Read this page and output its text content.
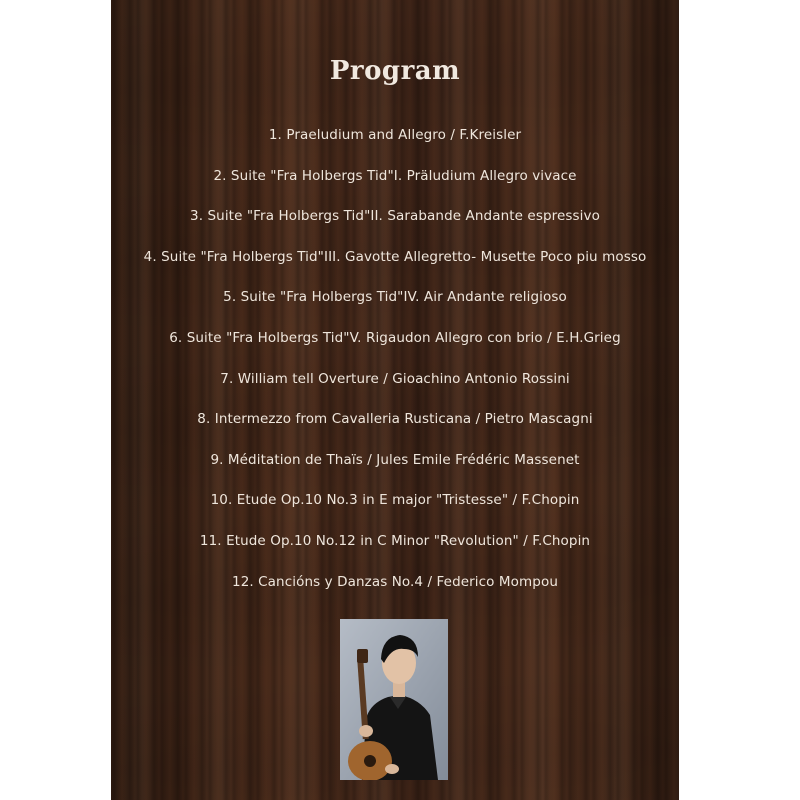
Program
1. Praeludium and Allegro / F.Kreisler
2. Suite "Fra Holbergs Tid"I. Präludium Allegro vivace
3. Suite "Fra Holbergs Tid"II. Sarabande Andante espressivo
4. Suite "Fra Holbergs Tid"III. Gavotte Allegretto- Musette Poco piu mosso
5. Suite "Fra Holbergs Tid"IV. Air Andante religioso
6. Suite "Fra Holbergs Tid"V. Rigaudon Allegro con brio / E.H.Grieg
7. William tell Overture / Gioachino Antonio Rossini
8. Intermezzo from Cavalleria Rusticana / Pietro Mascagni
9. Méditation de Thaïs / Jules Emile Frédéric Massenet
10. Etude Op.10 No.3 in E major "Tristesse" / F.Chopin
11. Etude Op.10 No.12 in C Minor "Revolution" / F.Chopin
12. Cancións y Danzas No.4 / Federico Mompou
